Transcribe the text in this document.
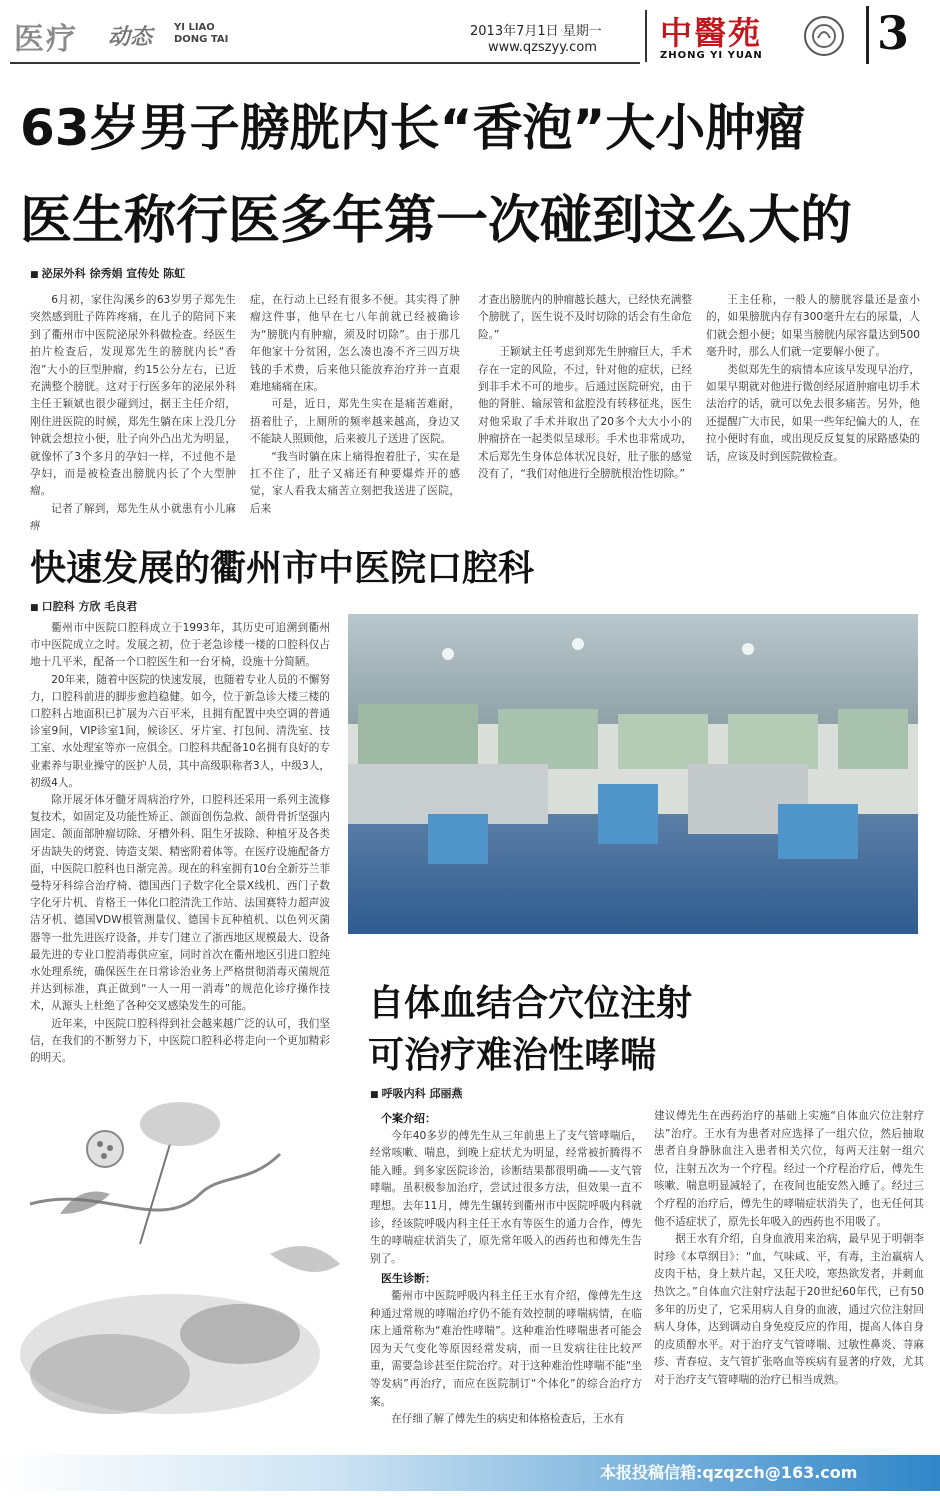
医疗 动态 YI LIAO
DONG TAI
2013年7月1日 星期一
www.qzszyy.com 中醫苑
ZHONG YI YUAN 3
63岁男子膀胱内长“香泡”大小肿瘤
医生称行医多年第一次碰到这么大的
■ 泌尿外科 徐秀娟 宣传处 陈虹

6月初，家住沟溪乡的63岁男子郑先生突然感到肚子阵阵疼痛，在儿子的陪同下来到了衢州市中医院泌尿外科做检查。经医生拍片检查后，发现郑先生的膀胱内长“香泡”大小的巨型肿瘤，约15公分左右，已近充满整个膀胱。这对于行医多年的泌尿外科主任王颖斌也很少碰到过，据王主任介绍，刚住进医院的时候，郑先生躺在床上没几分钟就会想拉小便，肚子向外凸出尤为明显，就像怀了3个多月的孕妇一样，不过他不是孕妇，而是被检查出膀胱内长了个大型肿瘤。

记者了解到，郑先生从小就患有小儿麻痹

症，在行动上已经有很多不便。其实得了肿瘤这件事，他早在七八年前就已经被确诊为“膀胱内有肿瘤，须及时切除”。由于那几年他家十分贫困，怎么凑也凑不齐三四万块钱的手术费，后来他只能放弃治疗并一直艰难地痛痛在床。

可是，近日，郑先生实在是痛苦难耐，捂着肚子，上厕所的频率越来越高，身边又不能缺人照顾他，后来被儿子送进了医院。

“我当时躺在床上痛得抱着肚子，实在是扛不住了，肚子又痛还有种要爆炸开的感觉，家人看我太痛苦立刻把我送进了医院，后来

才查出膀胱内的肿瘤越长越大，已经快充满整个膀胱了，医生说不及时切除的话会有生命危险。”

王颖斌主任考虑到郑先生肿瘤巨大，手术存在一定的风险，不过，针对他的症状，已经到非手术不可的地步。后通过医院研究，由于他的肾脏、输尿管和盆腔没有转移征兆，医生对他采取了手术并取出了20多个大大小小的肿瘤挤在一起类似呈球形。手术也非常成功，术后郑先生身体总体状况良好，肚子胀的感觉没有了，“我们对他进行全膀胱根治性切除。”

王主任称，一般人的膀胱容量还是蛮小的，如果膀胱内存有300毫升左右的尿量，人们就会想小便；如果当膀胱内尿容量达到500毫升时，那么人们就一定要解小便了。

类似郑先生的病情本应该早发现早治疗，如果早期就对他进行微创经尿道肿瘤电切手术法治疗的话，就可以免去很多痛苦。另外，他还提醒广大市民，如果一些年纪偏大的人，在拉小便时有血，或出现反反复复的尿路感染的话，应该及时到医院做检查。

快速发展的衢州市中医院口腔科
■ 口腔科 方欣 毛良君

衢州市中医院口腔科成立于1993年，其历史可追溯到衢州市中医院成立之时。发展之初，位于老急诊楼一楼的口腔科仅占地十几平米，配备一个口腔医生和一台牙椅，设施十分简陋。

20年来，随着中医院的快速发展，也随着专业人员的不懈努力，口腔科前进的脚步愈趋稳健。如今，位于新急诊大楼三楼的口腔科占地面积已扩展为六百平米，且拥有配置中央空调的普通诊室9间，VIP诊室1间，候诊区、牙片室、打包间、清洗室、技工室、水处理室等亦一应俱全。口腔科共配备10名拥有良好的专业素养与职业操守的医护人员，其中高级职称者3人，中级3人，初级4人。

除开展牙体牙髓牙周病治疗外，口腔科还采用一系列主流修复技术，如固定及功能性矫正、颌面创伤急救、颌骨骨折坚强内固定、颌面部肿瘤切除、牙槽外科、阻生牙拔除、种植牙及各类牙齿缺失的烤瓷、铸造支架、精密附着体等。在医疗设施配备方面，中医院口腔科也日渐完善。现在的科室拥有10台全新芬兰菲曼特牙科综合治疗椅、德国西门子数字化全景X线机、西门子数字化牙片机、肯格王一体化口腔清洗工作站、法国赛特力超声波洁牙机、德国VDW根管测量仪、德国卡瓦种植机、以色列灭菌器等一批先进医疗设备，并专门建立了浙西地区规模最大、设备最先进的专业口腔消毒供应室，同时首次在衢州地区引进口腔纯水处理系统，确保医生在日常诊治业务上严格贯彻消毒灭菌规范并达到标准，真正做到“一人一用一消毒”的规范化诊疗操作技术，从源头上杜绝了各种交叉感染发生的可能。

近年来，中医院口腔科得到社会越来越广泛的认可，我们坚信，在我们的不断努力下，中医院口腔科必将走向一个更加精彩的明天。

自体血结合穴位注射
可治疗难治性哮喘
■ 呼吸内科 邱丽燕
个案介绍：

今年40多岁的傅先生从三年前患上了支气管哮喘后，经常咳嗽、喘息，到晚上症状尤为明显，经常被折腾得不能入睡。到多家医院诊治，诊断结果都很明确——支气管哮喘。虽积极参加治疗，尝试过很多方法，但效果一直不理想。去年11月，傅先生辗转到衢州市中医院呼吸内科就诊，经该院呼吸内科主任王水有等医生的通力合作，傅先生的哮喘症状消失了，原先常年吸入的西药也和傅先生告别了。

医生诊断：

衢州市中医院呼吸内科主任王水有介绍，像傅先生这种通过常规的哮喘治疗仍不能有效控制的哮喘病情，在临床上通常称为“难治性哮喘”。这种难治性哮喘患者可能会因为天气变化等原因经常发病，而一旦发病往往比较严重，需要急诊甚至住院治疗。对于这种难治性哮喘不能“坐等发病”再治疗，而应在医院制订“个体化”的综合治疗方案。

在仔细了解了傅先生的病史和体格检查后，王水有

建议傅先生在西药治疗的基础上实施“自体血穴位注射疗法”治疗。王水有为患者对应选择了一组穴位，然后抽取患者自身静脉血注入患者相关穴位，每两天注射一组穴位，注射五次为一个疗程。经过一个疗程治疗后，傅先生咳嗽、喘息明显减轻了，在夜间也能安然入睡了。经过三个疗程的治疗后，傅先生的哮喘症状消失了，也无任何其他不适症状了，原先长年吸入的西药也不用吸了。

据王水有介绍，自身血液用来治病，最早见于明朝李时珍《本草纲目》：“血，气味咸、平，有毒，主治羸病人皮肉干枯，身上麸片起，又狂犬咬，寒热欲发者，并刺血热饮之。”自体血穴注射疗法起于20世纪60年代，已有50多年的历史了，它采用病人自身的血液，通过穴位注射回病人身体，达到调动自身免疫反应的作用，提高人体自身的皮质醇水平。对于治疗支气管哮喘、过敏性鼻炎、荨麻疹、青春痘、支气管扩张咯血等疾病有显著的疗效，尤其对于治疗支气管哮喘的治疗已相当成熟。

本报投稿信箱:qzqzch@163.com
